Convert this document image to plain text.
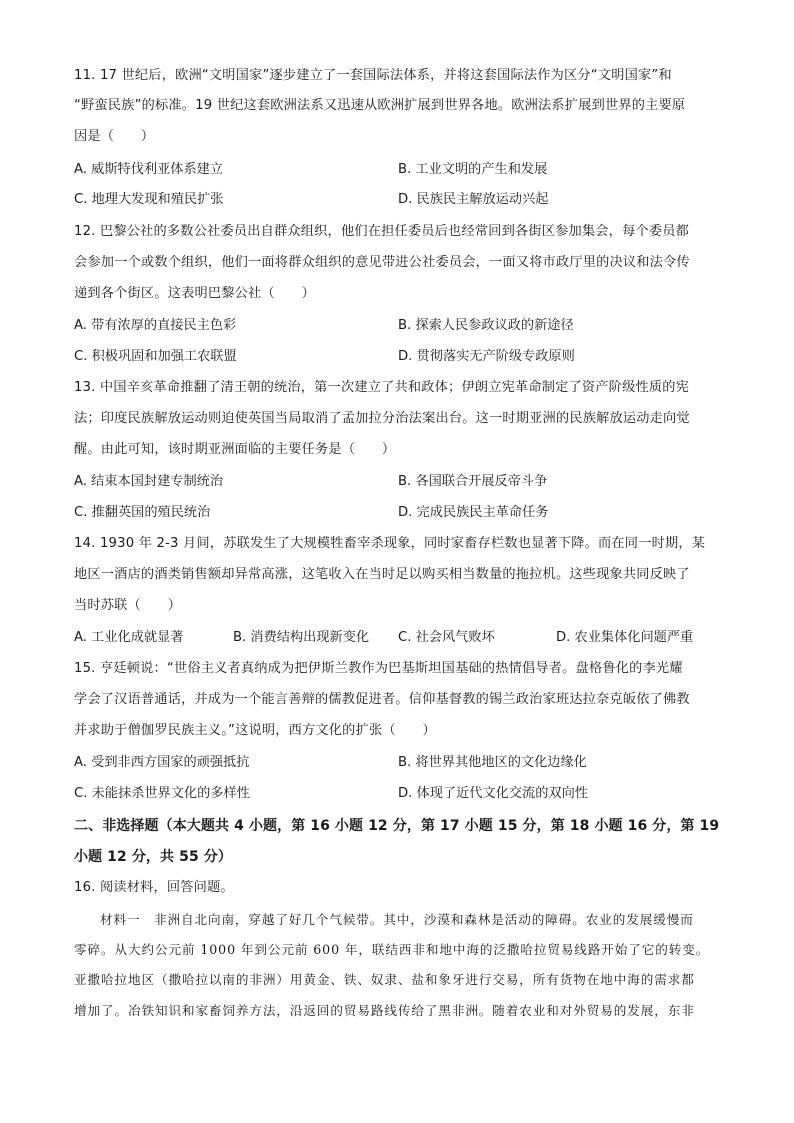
11. 17 世纪后，欧洲“文明国家”逐步建立了一套国际法体系，并将这套国际法作为区分“文明国家”和
“野蛮民族”的标准。19 世纪这套欧洲法系又迅速从欧洲扩展到世界各地。欧洲法系扩展到世界的主要原
因是（　　）
A. 威斯特伐利亚体系建立	B. 工业文明的产生和发展
C. 地理大发现和殖民扩张	D. 民族民主解放运动兴起
12. 巴黎公社的多数公社委员出自群众组织，他们在担任委员后也经常回到各街区参加集会，每个委员都
会参加一个或数个组织，他们一面将群众组织的意见带进公社委员会，一面又将市政厅里的决议和法令传
递到各个街区。这表明巴黎公社（　　）
A. 带有浓厚的直接民主色彩	B. 探索人民参政议政的新途径
C. 积极巩固和加强工农联盟	D. 贯彻落实无产阶级专政原则
13. 中国辛亥革命推翻了清王朝的统治，第一次建立了共和政体；伊朗立宪革命制定了资产阶级性质的宪
法；印度民族解放运动则迫使英国当局取消了孟加拉分治法案出台。这一时期亚洲的民族解放运动走向觉
醒。由此可知，该时期亚洲面临的主要任务是（　　）
A. 结束本国封建专制统治	B. 各国联合开展反帝斗争
C. 推翻英国的殖民统治	D. 完成民族民主革命任务
14. 1930 年 2-3 月间，苏联发生了大规模牲畜宰杀现象，同时家畜存栏数也显著下降。而在同一时期，某
地区一酒店的酒类销售额却异常高涨，这笔收入在当时足以购买相当数量的拖拉机。这些现象共同反映了
当时苏联（　　）
A. 工业化成就显著	B. 消费结构出现新变化 C. 社会风气败坏	D. 农业集体化问题严重
15. 亨廷顿说：“世俗主义者真纳成为把伊斯兰教作为巴基斯坦国基础的热情倡导者。盘格鲁化的李光耀
学会了汉语普通话，并成为一个能言善辩的儒教促进者。信仰基督教的锡兰政治家班达拉奈克皈依了佛教
并求助于僧伽罗民族主义。”这说明，西方文化的扩张（　　）
A. 受到非西方国家的顽强抵抗	B. 将世界其他地区的文化边缘化
C. 未能抹杀世界文化的多样性	D. 体现了近代文化交流的双向性
二、非选择题（本大题共 4 小题，第 16 小题 12 分，第 17 小题 15 分，第 18 小题 16 分，第 19
小题 12 分，共 55 分）
16. 阅读材料，回答问题。
材料一　非洲自北向南，穿越了好几个气候带。其中，沙漠和森林是活动的障碍。农业的发展缓慢而
零碎。从大约公元前 1000 年到公元前 600 年，联结西非和地中海的泛撒哈拉贸易线路开始了它的转变。
亚撒哈拉地区（撒哈拉以南的非洲）用黄金、铁、奴隶、盐和象牙进行交易，所有货物在地中海的需求都
增加了。冶铁知识和家畜饲养方法，沿返回的贸易路线传给了黑非洲。随着农业和对外贸易的发展，东非
